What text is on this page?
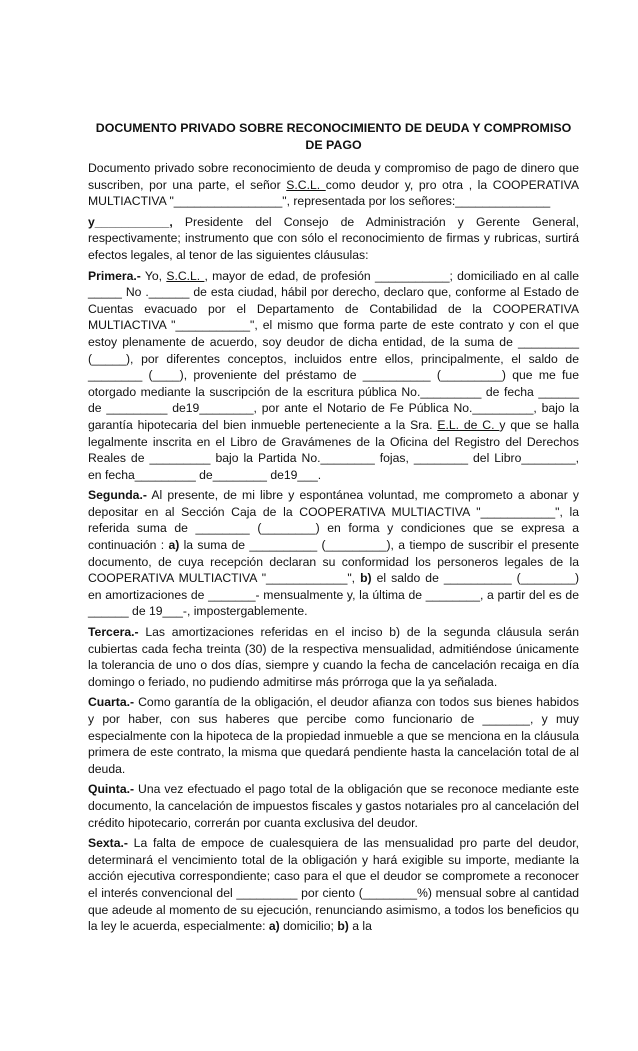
DOCUMENTO PRIVADO SOBRE RECONOCIMIENTO DE DEUDA Y COMPROMISO DE PAGO

Documento privado sobre reconocimiento de deuda y compromiso de pago de dinero que suscriben, por una parte, el señor S.C.L. como deudor y, pro otra , la COOPERATIVA MULTIACTIVA "________________", representada por los señores:______________

y___________, Presidente del Consejo de Administración y Gerente General, respectivamente; instrumento que con sólo el reconocimiento de firmas y rubricas, surtirá efectos legales, al tenor de las siguientes cláusulas:

Primera.- Yo, S.C.L. , mayor de edad, de profesión ___________; domiciliado en al calle _____ No .______ de esta ciudad, hábil por derecho, declaro que, conforme al Estado de Cuentas evacuado por el Departamento de Contabilidad de la COOPERATIVA MULTIACTIVA "___________", el mismo que forma parte de este contrato y con el que estoy plenamente de acuerdo, soy deudor de dicha entidad, de la suma de _________ (_____), por diferentes conceptos, incluidos entre ellos, principalmente, el saldo de ________ (____), proveniente del préstamo de __________ (_________) que me fue otorgado mediante la suscripción de la escritura pública No._________ de fecha ______ de _________ de19________, por ante el Notario de Fe Pública No._________, bajo la garantía hipotecaria del bien inmueble perteneciente a la Sra. E.L. de C. y que se halla legalmente inscrita en el Libro de Gravámenes de la Oficina del Registro del Derechos Reales de _________ bajo la Partida No.________ fojas, ________ del Libro________, en fecha_________ de________ de19___.

Segunda.- Al presente, de mi libre y espontánea voluntad, me comprometo a abonar y depositar en al Sección Caja de la COOPERATIVA MULTIACTIVA "___________", la referida suma de ________ (________) en forma y condiciones que se expresa a continuación : a) la suma de __________ (_________), a tiempo de suscribir el presente documento, de cuya recepción declaran su conformidad los personeros legales de la COOPERATIVA MULTIACTIVA "____________", b) el saldo de __________ (________) en amortizaciones de _______- mensualmente y, la última de ________, a partir del es de ______ de 19___-, impostergablemente.

Tercera.- Las amortizaciones referidas en el inciso b) de la segunda cláusula serán cubiertas cada fecha treinta (30) de la respectiva mensualidad, admitiéndose únicamente la tolerancia de uno o dos días, siempre y cuando la fecha de cancelación recaiga en día domingo o feriado, no pudiendo admitirse más prórroga que la ya señalada.

Cuarta.- Como garantía de la obligación, el deudor afianza con todos sus bienes habidos y por haber, con sus haberes que percibe como funcionario de _______, y muy especialmente con la hipoteca de la propiedad inmueble a que se menciona en la cláusula primera de este contrato, la misma que quedará pendiente hasta la cancelación total de al deuda.

Quinta.- Una vez efectuado el pago total de la obligación que se reconoce mediante este documento, la cancelación de impuestos fiscales y gastos notariales pro al cancelación del crédito hipotecario, correrán por cuanta exclusiva del deudor.

Sexta.- La falta de empoce de cualesquiera de las mensualidad pro parte del deudor, determinará el vencimiento total de la obligación y hará exigible su importe, mediante la acción ejecutiva correspondiente; caso para el que el deudor se compromete a reconocer el interés convencional del _________ por ciento (________%) mensual sobre al cantidad que adeude al momento de su ejecución, renunciando asimismo, a todos los beneficios qu la ley le acuerda, especialmente: a) domicilio; b) a la
